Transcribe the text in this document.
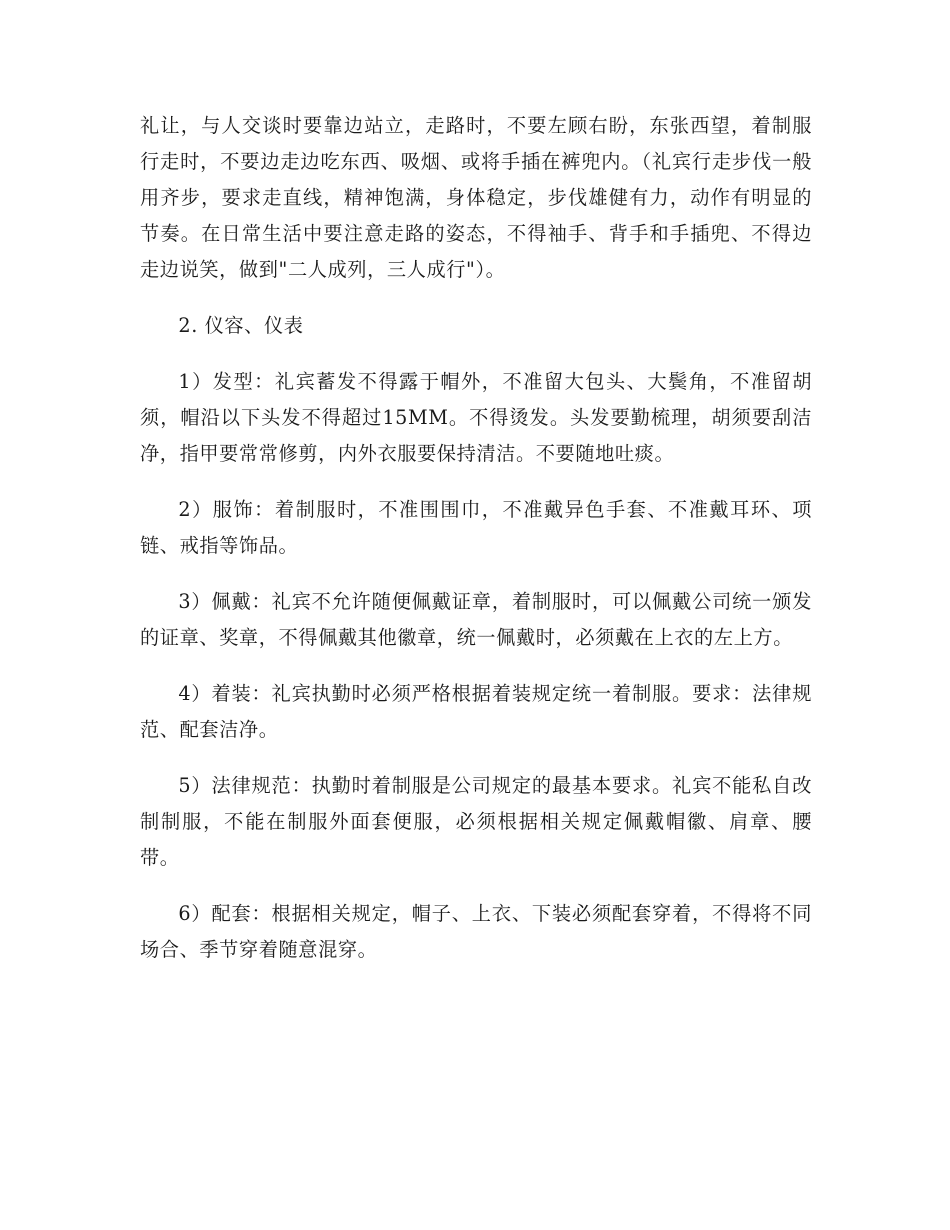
礼让，与人交谈时要靠边站立，走路时，不要左顾右盼，东张西望，着制服行走时，不要边走边吃东西、吸烟、或将手插在裤兜内。（礼宾行走步伐一般用齐步，要求走直线，精神饱满，身体稳定，步伐雄健有力，动作有明显的节奏。在日常生活中要注意走路的姿态，不得袖手、背手和手插兜、不得边走边说笑，做到"二人成列，三人成行"）。

2. 仪容、仪表

1）发型：礼宾蓄发不得露于帽外，不准留大包头、大鬓角，不准留胡须，帽沿以下头发不得超过15MM。不得烫发。头发要勤梳理，胡须要刮洁净，指甲要常常修剪，内外衣服要保持清洁。不要随地吐痰。

2）服饰：着制服时，不准围围巾，不准戴异色手套、不准戴耳环、项链、戒指等饰品。

3）佩戴：礼宾不允许随便佩戴证章，着制服时，可以佩戴公司统一颁发的证章、奖章，不得佩戴其他徽章，统一佩戴时，必须戴在上衣的左上方。

4）着装：礼宾执勤时必须严格根据着装规定统一着制服。要求：法律规范、配套洁净。

5）法律规范：执勤时着制服是公司规定的最基本要求。礼宾不能私自改制制服，不能在制服外面套便服，必须根据相关规定佩戴帽徽、肩章、腰带。

6）配套：根据相关规定，帽子、上衣、下装必须配套穿着，不得将不同场合、季节穿着随意混穿。
